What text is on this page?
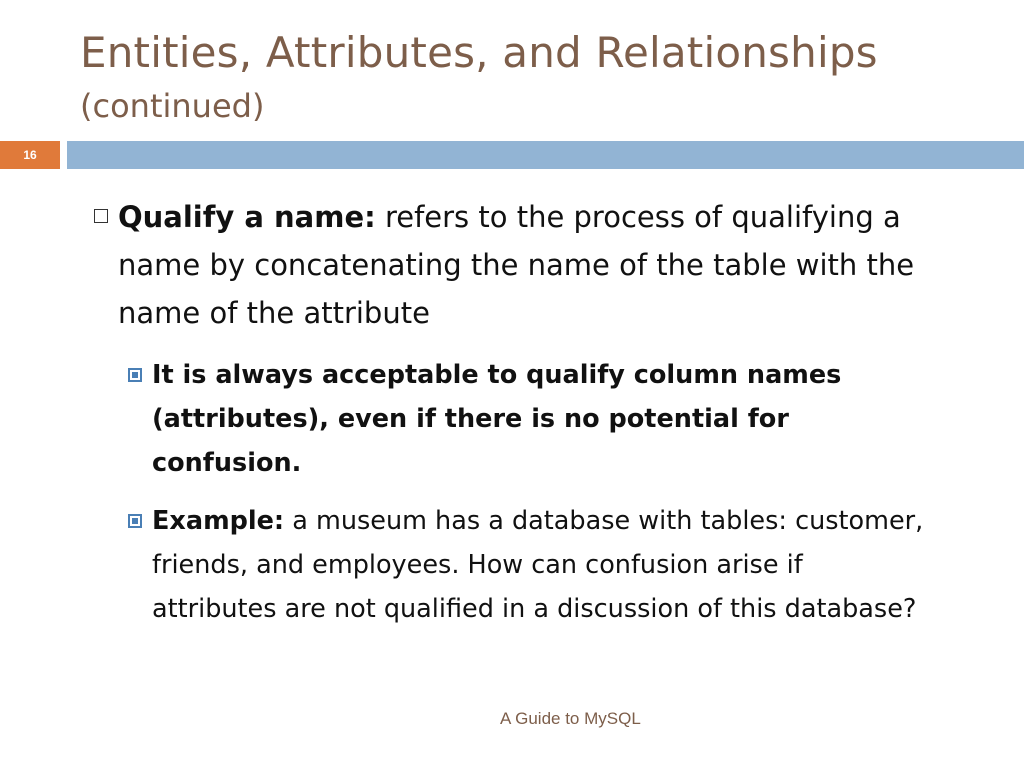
Entities, Attributes, and Relationships
(continued)
16
Qualify a name: refers to the process of qualifying a name by concatenating the name of the table with the name of the attribute
It is always acceptable to qualify column names (attributes), even if there is no potential for confusion.
Example: a museum has a database with tables: customer, friends, and employees. How can confusion arise if attributes are not qualified in a discussion of this database?
A Guide to MySQL
